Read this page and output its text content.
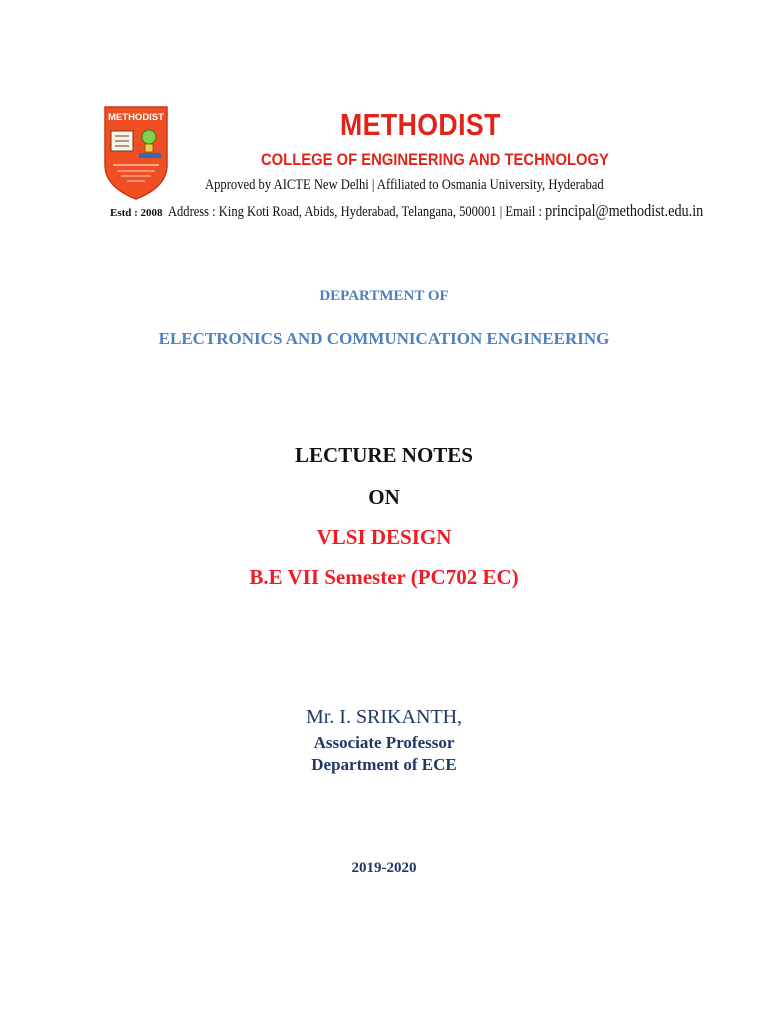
METHODIST
Estd : 2008
METHODIST
COLLEGE OF ENGINEERING AND TECHNOLOGY
Approved by AICTE New Delhi | Affiliated to Osmania University, Hyderabad
Address : King Koti Road, Abids, Hyderabad, Telangana, 500001 | Email : principal@methodist.edu.in
DEPARTMENT OF
ELECTRONICS AND COMMUNICATION ENGINEERING
LECTURE NOTES
ON
VLSI DESIGN
B.E VII Semester (PC702 EC)
Mr. I. SRIKANTH,
Associate Professor
Department of ECE
2019-2020
